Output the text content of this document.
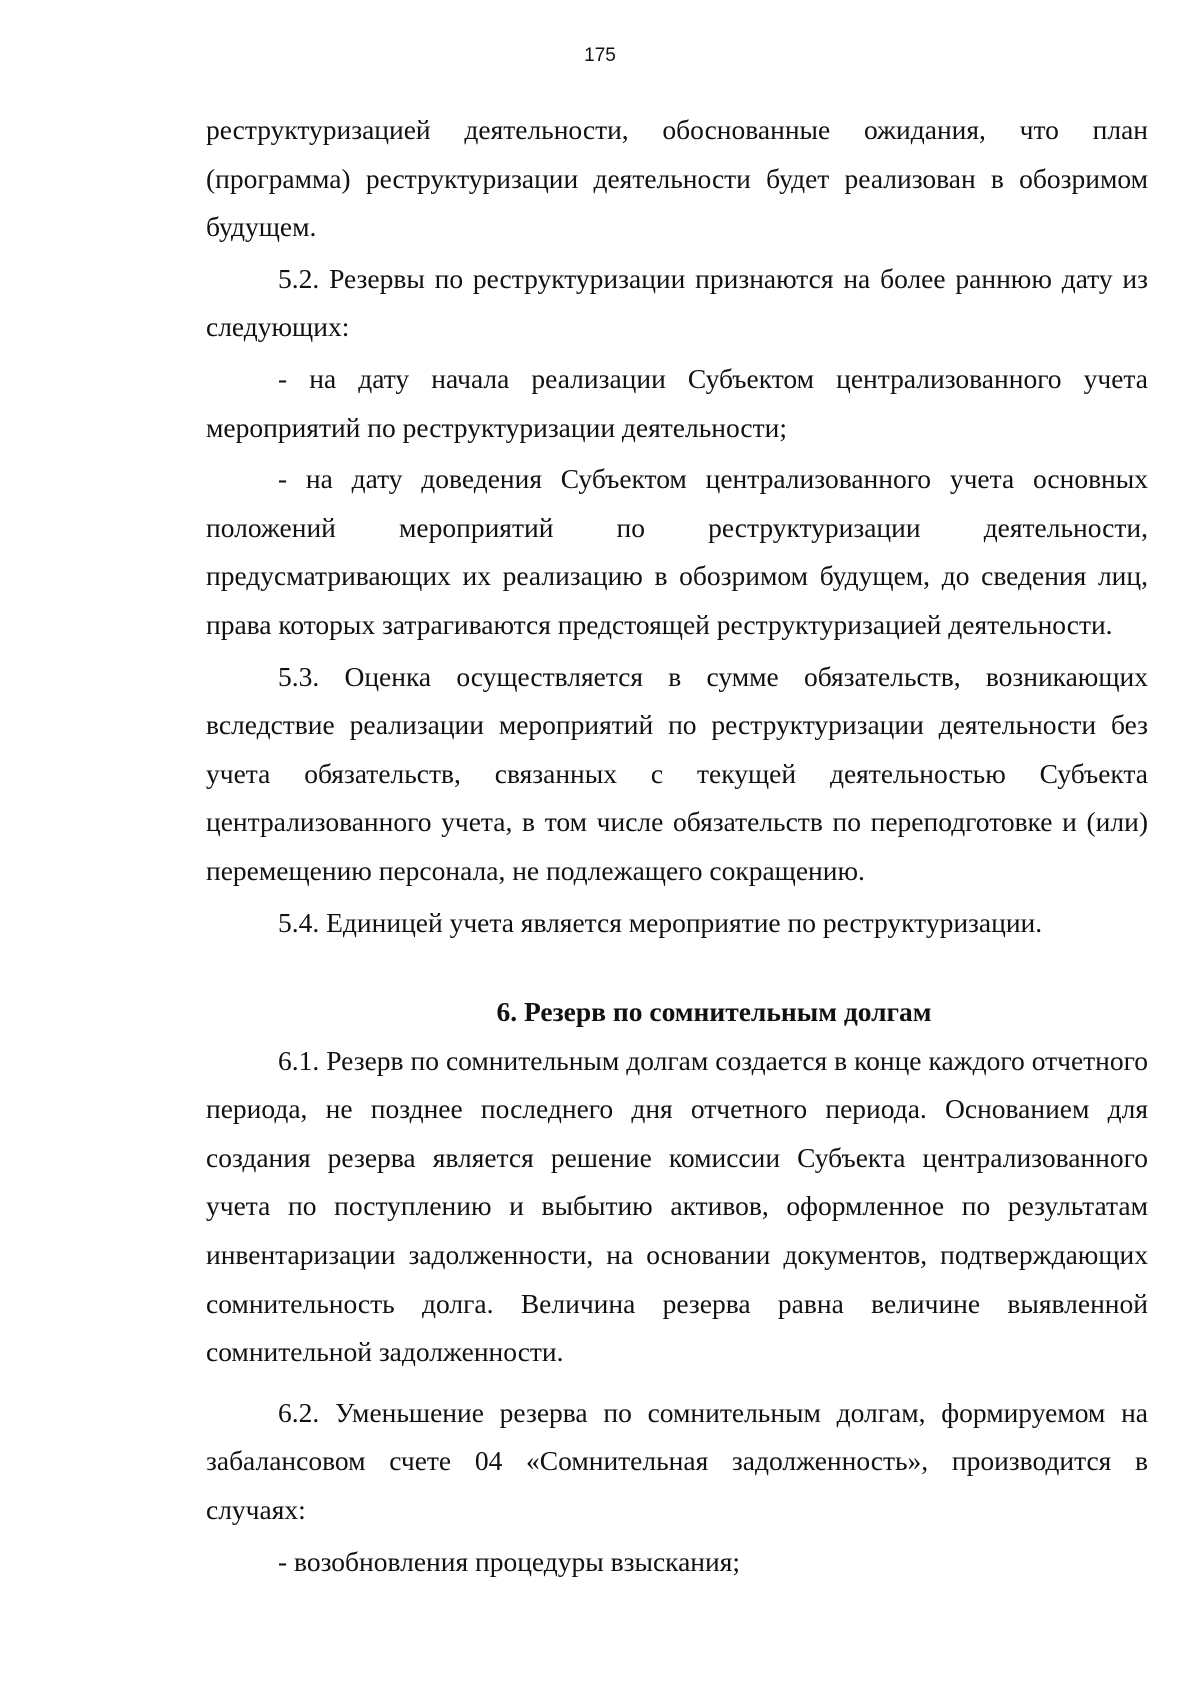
175

реструктуризацией деятельности, обоснованные ожидания, что план (программа) реструктуризации деятельности будет реализован в обозримом будущем.

5.2. Резервы по реструктуризации признаются на более раннюю дату из следующих:

- на дату начала реализации Субъектом централизованного учета мероприятий по реструктуризации деятельности;

- на дату доведения Субъектом централизованного учета основных положений мероприятий по реструктуризации деятельности, предусматривающих их реализацию в обозримом будущем, до сведения лиц, права которых затрагиваются предстоящей реструктуризацией деятельности.

5.3. Оценка осуществляется в сумме обязательств, возникающих вследствие реализации мероприятий по реструктуризации деятельности без учета обязательств, связанных с текущей деятельностью Субъекта централизованного учета, в том числе обязательств по переподготовке и (или) перемещению персонала, не подлежащего сокращению.

5.4. Единицей учета является мероприятие по реструктуризации.

6. Резерв по сомнительным долгам

6.1. Резерв по сомнительным долгам создается в конце каждого отчетного периода, не позднее последнего дня отчетного периода. Основанием для создания резерва является решение комиссии Субъекта централизованного учета по поступлению и выбытию активов, оформленное по результатам инвентаризации задолженности, на основании документов, подтверждающих сомнительность долга. Величина резерва равна величине выявленной сомнительной задолженности.

6.2. Уменьшение резерва по сомнительным долгам, формируемом на забалансовом счете 04 «Сомнительная задолженность», производится в случаях:

- возобновления процедуры взыскания;
